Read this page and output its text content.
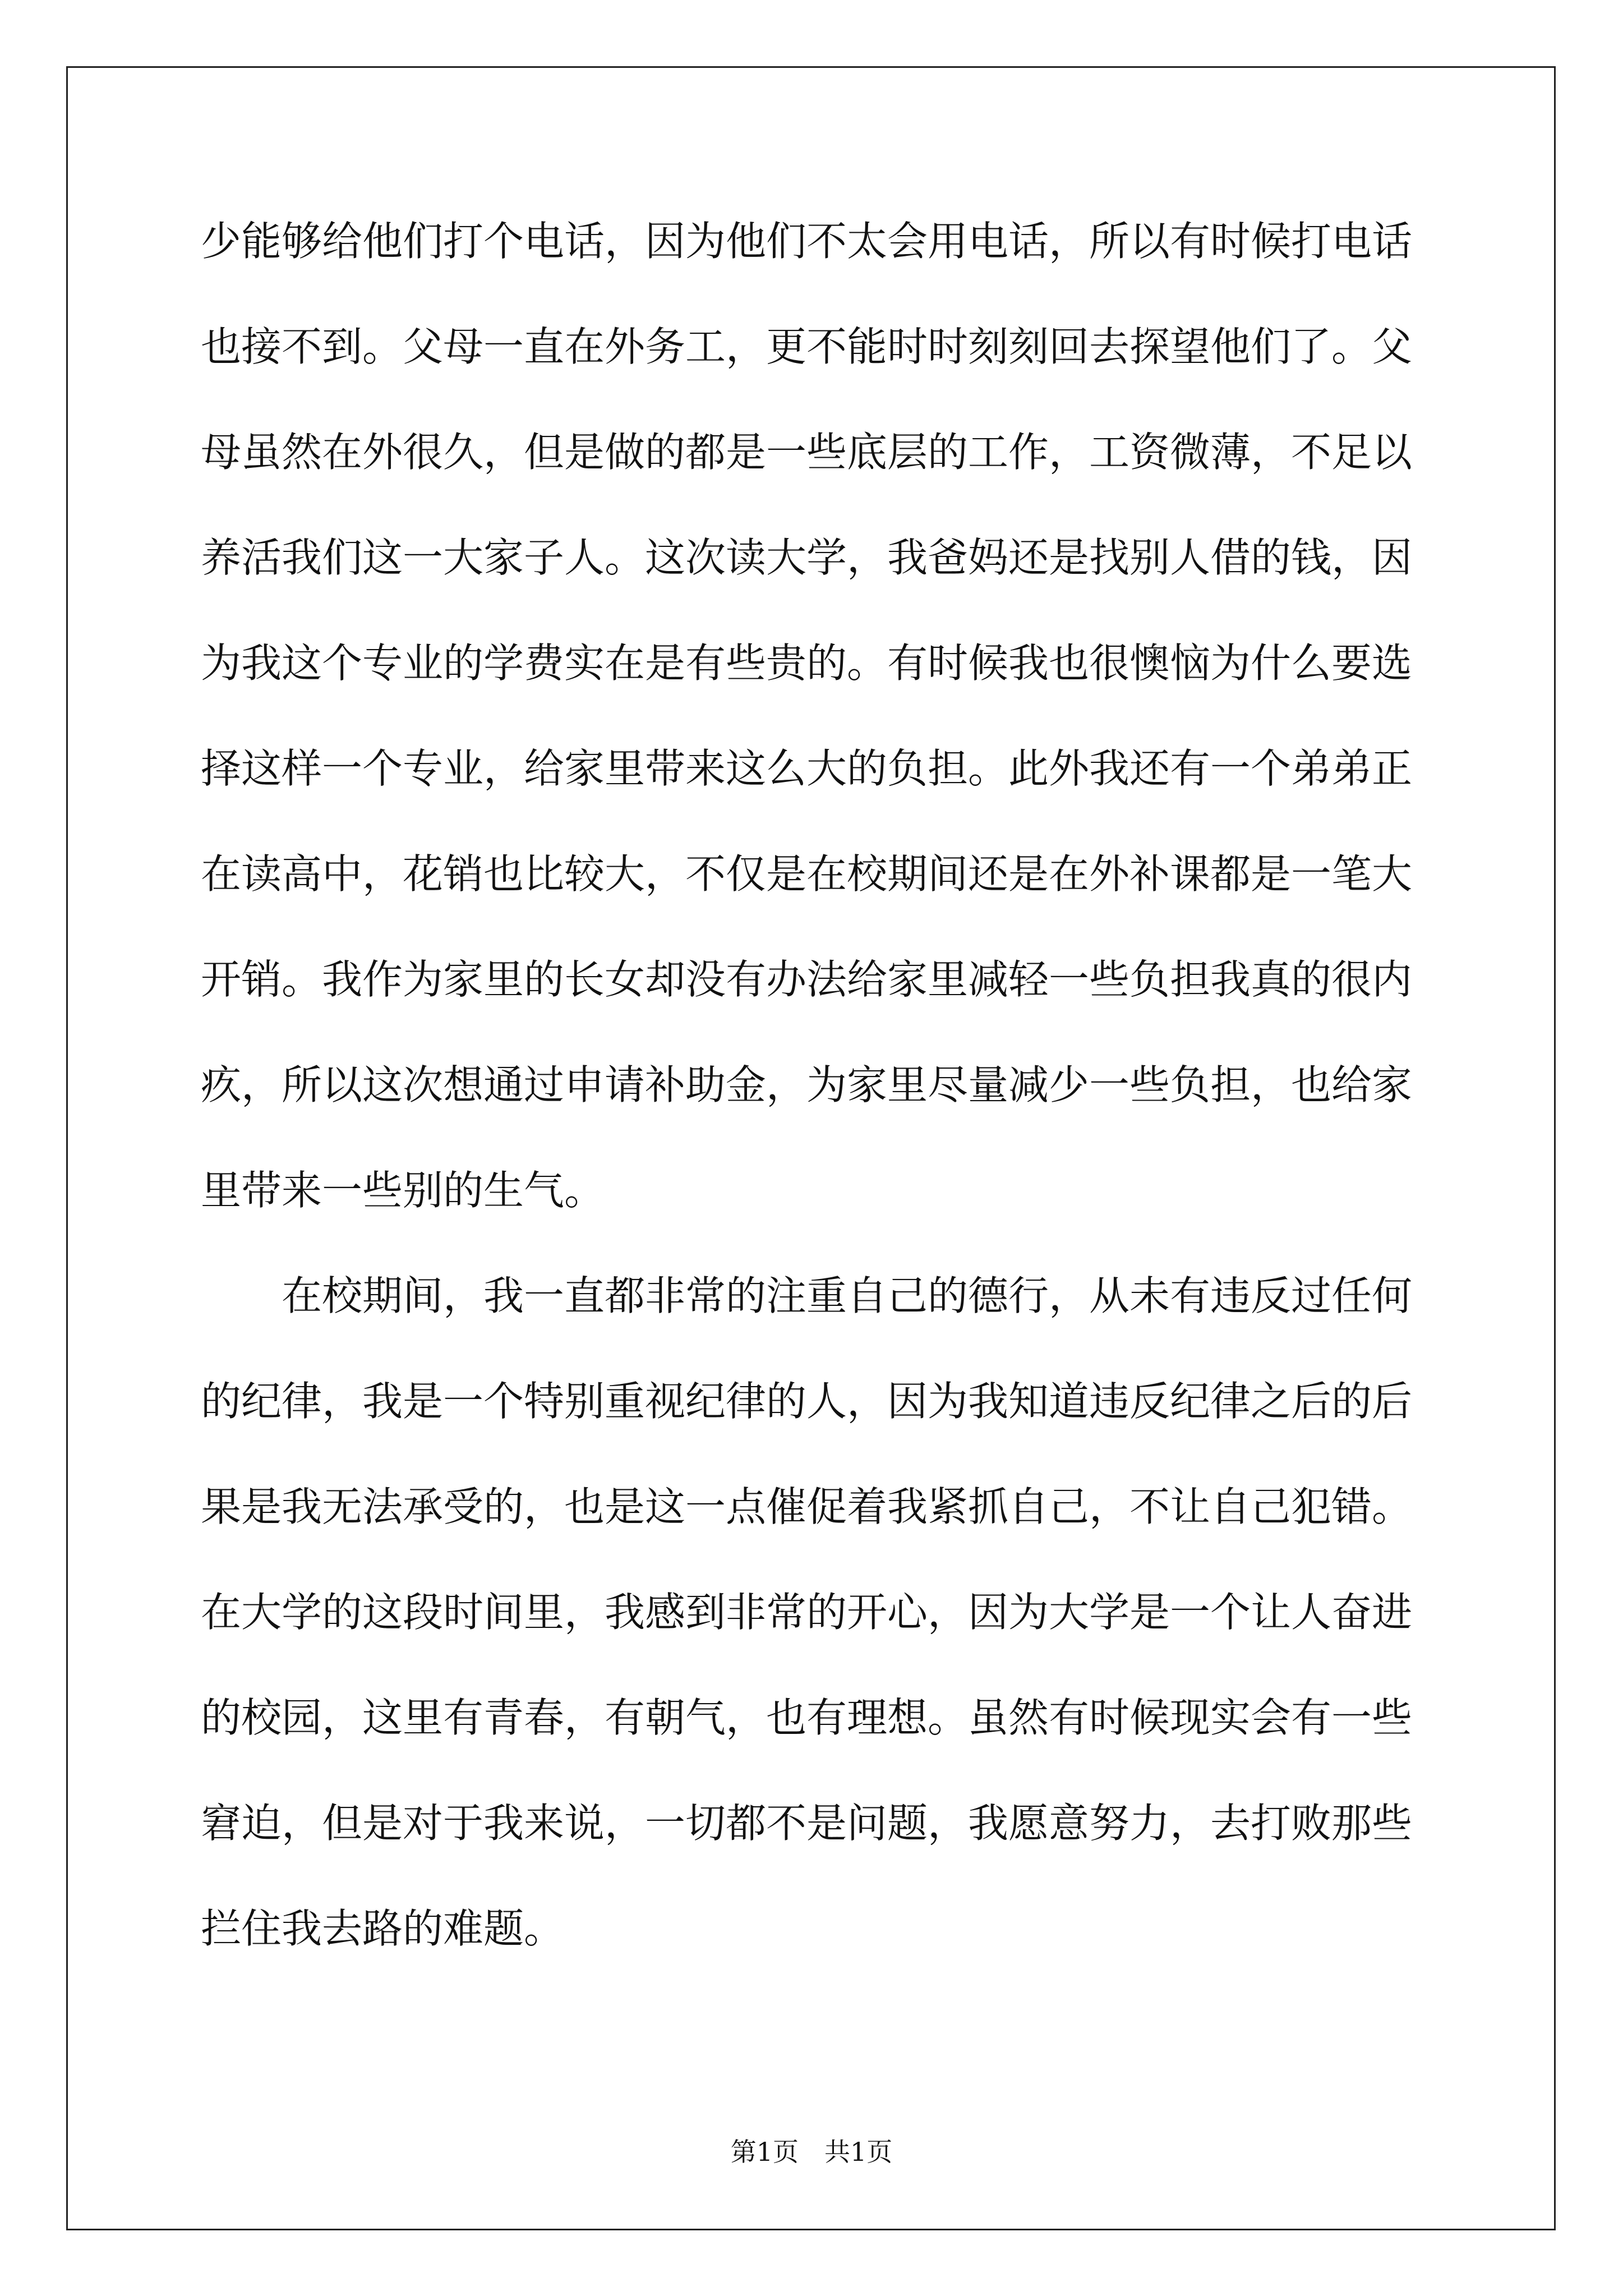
少能够给他们打个电话，因为他们不太会用电话，所以有时候打电话
也接不到。父母一直在外务工，更不能时时刻刻回去探望他们了。父
母虽然在外很久，但是做的都是一些底层的工作，工资微薄，不足以
养活我们这一大家子人。这次读大学，我爸妈还是找别人借的钱，因
为我这个专业的学费实在是有些贵的。有时候我也很懊恼为什么要选
择这样一个专业，给家里带来这么大的负担。此外我还有一个弟弟正
在读高中，花销也比较大，不仅是在校期间还是在外补课都是一笔大
开销。我作为家里的长女却没有办法给家里减轻一些负担我真的很内
疚，所以这次想通过申请补助金，为家里尽量减少一些负担，也给家
里带来一些别的生气。
　　在校期间，我一直都非常的注重自己的德行，从未有违反过任何
的纪律，我是一个特别重视纪律的人，因为我知道违反纪律之后的后
果是我无法承受的，也是这一点催促着我紧抓自己，不让自己犯错。
在大学的这段时间里，我感到非常的开心，因为大学是一个让人奋进
的校园，这里有青春，有朝气，也有理想。虽然有时候现实会有一些
窘迫，但是对于我来说，一切都不是问题，我愿意努力，去打败那些
拦住我去路的难题。
第1页　共1页
